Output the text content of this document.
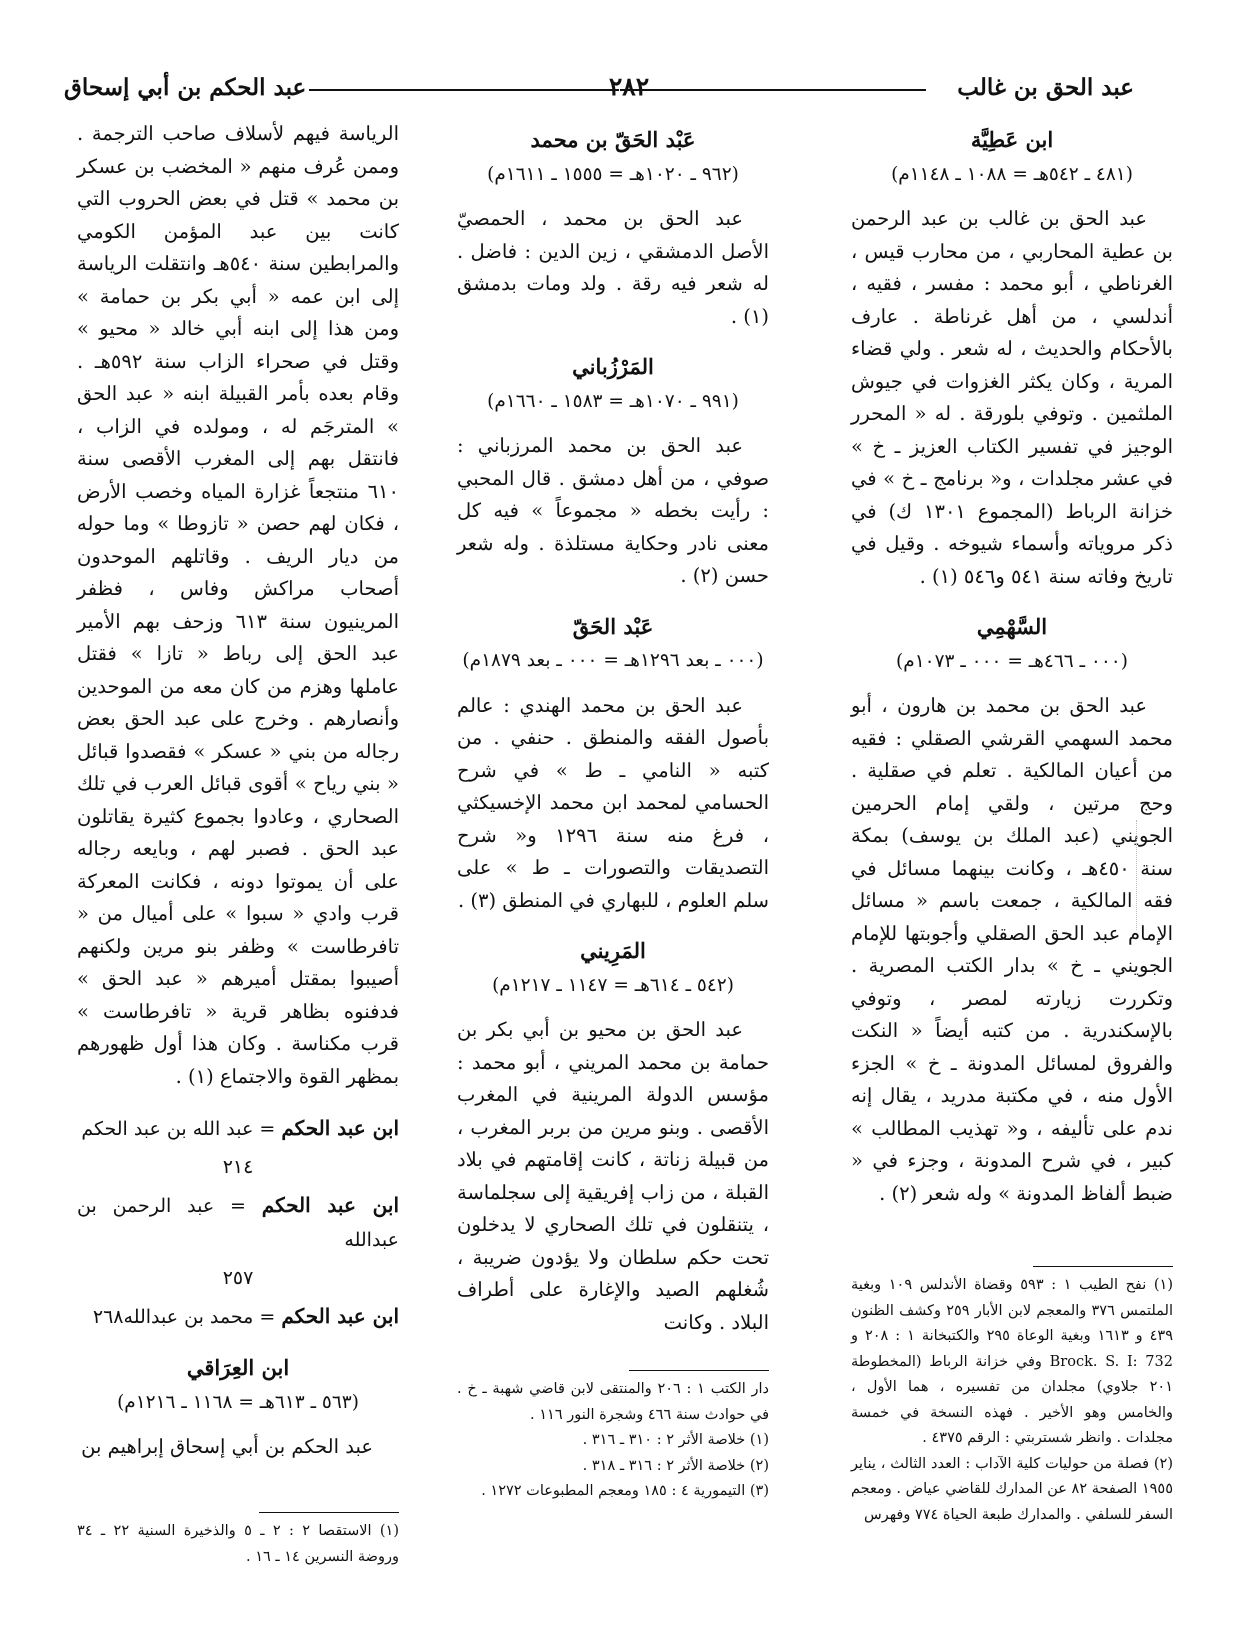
عبد الحق بن غالب
٢٨٢
عبد الحكم بن أبي إسحاق
ابن عَطِيَّة
(٤٨١ ـ ٥٤٢هـ = ١٠٨٨ ـ ١١٤٨م)

عبد الحق بن غالب بن عبد الرحمن بن عطية المحاربي ، من محارب قيس ، الغرناطي ، أبو محمد : مفسر ، فقيه ، أندلسي ، من أهل غرناطة . عارف بالأحكام والحديث ، له شعر . ولي قضاء المرية ، وكان يكثر الغزوات في جيوش الملثمين . وتوفي بلورقة . له « المحرر الوجيز في تفسير الكتاب العزيز ـ خ » في عشر مجلدات ، و« برنامج ـ خ » في خزانة الرباط (المجموع ١٣٠١ ك) في ذكر مروياته وأسماء شيوخه . وقيل في تاريخ وفاته سنة ٥٤١ و٥٤٦ (١) .

السَّهْمِي
(٠٠٠ ـ ٤٦٦هـ = ٠٠٠ ـ ١٠٧٣م)

عبد الحق بن محمد بن هارون ، أبو محمد السهمي القرشي الصقلي : فقيه من أعيان المالكية . تعلم في صقلية . وحج مرتين ، ولقي إمام الحرمين الجويني (عبد الملك بن يوسف) بمكة سنة ٤٥٠هـ ، وكانت بينهما مسائل في فقه المالكية ، جمعت باسم « مسائل الإمام عبد الحق الصقلي وأجوبتها للإمام الجويني ـ خ » بدار الكتب المصرية . وتكررت زيارته لمصر ، وتوفي بالإسكندرية . من كتبه أيضاً « النكت والفروق لمسائل المدونة ـ خ » الجزء الأول منه ، في مكتبة مدريد ، يقال إنه ندم على تأليفه ، و« تهذيب المطالب » كبير ، في شرح المدونة ، وجزء في « ضبط ألفاظ المدونة » وله شعر (٢) .

(١) نفح الطيب ١ : ٥٩٣ وقضاة الأندلس ١٠٩ وبغية الملتمس ٣٧٦ والمعجم لابن الأبار ٢٥٩ وكشف الظنون ٤٣٩ و ١٦١٣ وبغية الوعاة ٢٩٥ والكتبخانة ١ : ٢٠٨ و Brock. S. I: 732 وفي خزانة الرباط (المخطوطة ٢٠١ جلاوي) مجلدان من تفسيره ، هما الأول ، والخامس وهو الأخير . فهذه النسخة في خمسة مجلدات . وانظر شستربتي : الرقم ٤٣٧٥ .
(٢) فصلة من حوليات كلية الآداب : العدد الثالث ، يناير ١٩٥٥ الصفحة ٨٢ عن المدارك للقاضي عياض . ومعجم السفر للسلفي . والمدارك طبعة الحياة ٧٧٤ وفهرس
عَبْد الحَقّ بن محمد
(٩٦٢ ـ ١٠٢٠هـ = ١٥٥٥ ـ ١٦١١م)

عبد الحق بن محمد ، الحمصيّ الأصل الدمشقي ، زين الدين : فاضل . له شعر فيه رقة . ولد ومات بدمشق (١) .

المَرْزُباني
(٩٩١ ـ ١٠٧٠هـ = ١٥٨٣ ـ ١٦٦٠م)

عبد الحق بن محمد المرزباني : صوفي ، من أهل دمشق . قال المحبي : رأيت بخطه « مجموعاً » فيه كل معنى نادر وحكاية مستلذة . وله شعر حسن (٢) .

عَبْد الحَقّ
(٠٠٠ ـ بعد ١٢٩٦هـ = ٠٠٠ ـ بعد ١٨٧٩م)

عبد الحق بن محمد الهندي : عالم بأصول الفقه والمنطق . حنفي . من كتبه « النامي ـ ط » في شرح الحسامي لمحمد ابن محمد الإخسيكثي ، فرغ منه سنة ١٢٩٦ و« شرح التصديقات والتصورات ـ ط » على سلم العلوم ، للبهاري في المنطق (٣) .

المَرِيني
(٥٤٢ ـ ٦١٤هـ = ١١٤٧ ـ ١٢١٧م)

عبد الحق بن محيو بن أبي بكر بن حمامة بن محمد المريني ، أبو محمد : مؤسس الدولة المرينية في المغرب الأقصى . وبنو مرين من بربر المغرب ، من قبيلة زناتة ، كانت إقامتهم في بلاد القبلة ، من زاب إفريقية إلى سجلماسة ، يتنقلون في تلك الصحاري لا يدخلون تحت حكم سلطان ولا يؤدون ضريبة ، شُغلهم الصيد والإغارة على أطراف البلاد . وكانت

دار الكتب ١ : ٢٠٦ والمنتقى لابن قاضي شهبة ـ خ . في حوادث سنة ٤٦٦ وشجرة النور ١١٦ .
(١) خلاصة الأثر ٢ : ٣١٠ ـ ٣١٦ .
(٢) خلاصة الأثر ٢ : ٣١٦ ـ ٣١٨ .
(٣) التيمورية ٤ : ١٨٥ ومعجم المطبوعات ١٢٧٢ .

الرياسة فيهم لأسلاف صاحب الترجمة . وممن عُرف منهم « المخضب بن عسكر بن محمد » قتل في بعض الحروب التي كانت بين عبد المؤمن الكومي والمرابطين سنة ٥٤٠هـ وانتقلت الرياسة إلى ابن عمه « أبي بكر بن حمامة » ومن هذا إلى ابنه أبي خالد « محيو » وقتل في صحراء الزاب سنة ٥٩٢هـ . وقام بعده بأمر القبيلة ابنه « عبد الحق » المترجَم له ، ومولده في الزاب ، فانتقل بهم إلى المغرب الأقصى سنة ٦١٠ منتجعاً غزارة المياه وخصب الأرض ، فكان لهم حصن « تازوطا » وما حوله من ديار الريف . وقاتلهم الموحدون أصحاب مراكش وفاس ، فظفر المرينيون سنة ٦١٣ وزحف بهم الأمير عبد الحق إلى رباط « تازا » فقتل عاملها وهزم من كان معه من الموحدين وأنصارهم . وخرج على عبد الحق بعض رجاله من بني « عسكر » فقصدوا قبائل « بني رياح » أقوى قبائل العرب في تلك الصحاري ، وعادوا بجموع كثيرة يقاتلون عبد الحق . فصبر لهم ، وبايعه رجاله على أن يموتوا دونه ، فكانت المعركة قرب وادي « سبوا » على أميال من « تافرطاست » وظفر بنو مرين ولكنهم أصيبوا بمقتل أميرهم « عبد الحق » فدفنوه بظاهر قرية « تافرطاست » قرب مكناسة . وكان هذا أول ظهورهم بمظهر القوة والاجتماع (١) .

ابن عبد الحكم = عبد الله بن عبد الحكم
٢١٤
ابن عبد الحكم = عبد الرحمن بن عبدالله
٢٥٧
ابن عبد الحكم = محمد بن عبدالله٢٦٨
ابن العِرَاقي
(٥٦٣ ـ ٦١٣هـ = ١١٦٨ ـ ١٢١٦م)

عبد الحكم بن أبي إسحاق إبراهيم بن

(١) الاستقصا ٢ : ٢ ـ ٥ والذخيرة السنية ٢٢ ـ ٣٤ وروضة النسرين ١٤ ـ ١٦ .
